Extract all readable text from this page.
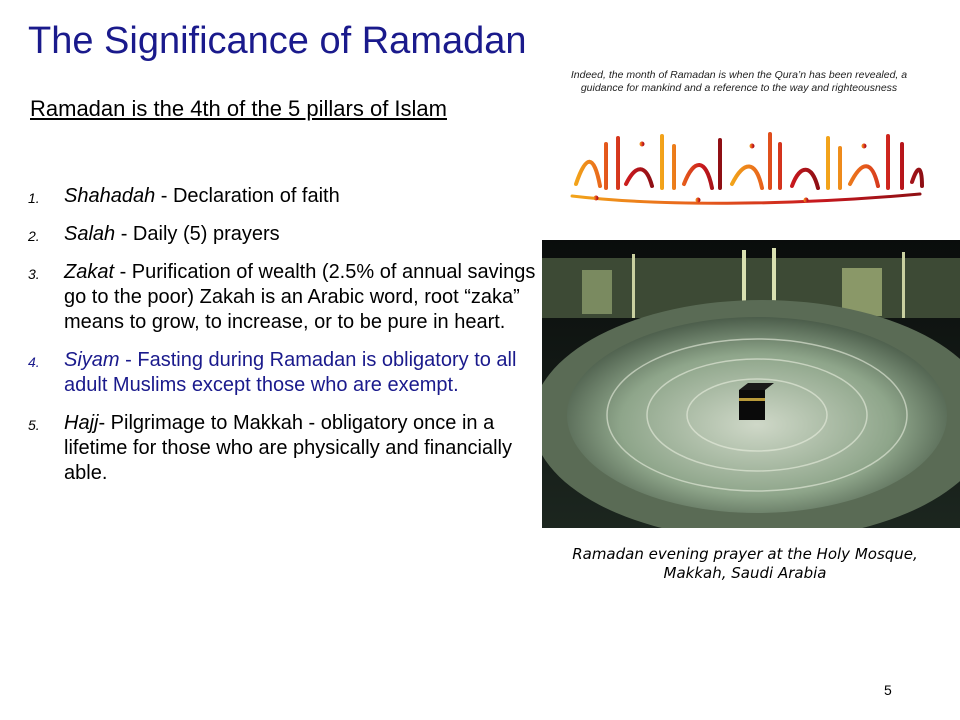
The Significance of Ramadan
Ramadan is the 4th of the 5 pillars of Islam
1. Shahadah - Declaration of faith
2. Salah - Daily (5) prayers
3. Zakat - Purification of wealth (2.5% of annual savings go to the poor) Zakah is an Arabic word, root “zaka” means to grow, to increase, or to be pure in heart.
4. Siyam - Fasting during Ramadan is obligatory to all adult Muslims except those who are exempt.
5. Hajj- Pilgrimage to Makkah - obligatory once in a lifetime for those who are physically and financially able.
Indeed, the month of Ramadan is when the Qura’n has been revealed, a guidance for mankind and a reference to the way and righteousness
Ramadan evening prayer at the Holy Mosque, Makkah, Saudi Arabia
5
